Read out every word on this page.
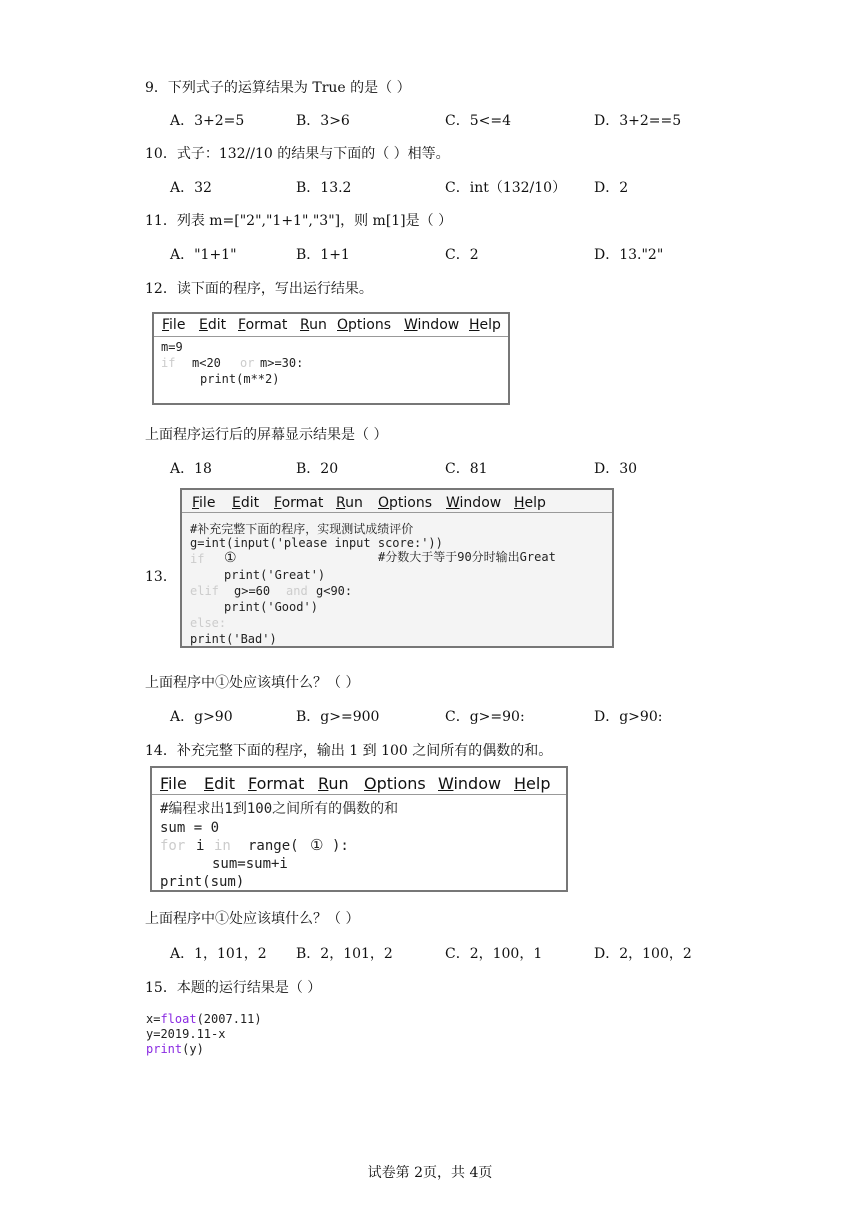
9．下列式子的运算结果为 True 的是（ ）
A．3+2=5	B．3>6	C．5<=4	D．3+2==5
10．式子：132//10 的结果与下面的（ ）相等。
A．32	B．13.2	C．int（132/10） D．2
11．列表 m=["2","1+1","3"]，则 m[1]是（ ）
A．"1+1"	B．1+1	C．2	D．13."2"
12．读下面的程序，写出运行结果。
File Edit Format Run Options Window Help
m=9
if m<20 or m>=30:
print(m**2)
上面程序运行后的屏幕显示结果是（ ）
A．18	B．20	C．81	D．30
13．
File Edit Format Run Options Window Help
#补充完整下面的程序，实现测试成绩评价
g=int(input('please input score:'))
if ①	#分数大于等于90分时输出Great
print('Great')
elif g>=60 and g<90:
print('Good')
else:
print('Bad')
上面程序中①处应该填什么？（ ）
A．g>90	B．g>=900	C．g>=90:	D．g>90:
14．补充完整下面的程序，输出 1 到 100 之间所有的偶数的和。
File Edit Format Run Options Window Help
#编程求出1到100之间所有的偶数的和
sum = 0
for i in range( ① ):
sum=sum+i
print(sum)
上面程序中①处应该填什么？（ ）
A．1，101，2 B．2，101，2	C．2，100，1	D．2，100，2
15．本题的运行结果是（ ）
x=float(2007.11)
y=2019.11-x
print(y)
试卷第 2页，共 4页
